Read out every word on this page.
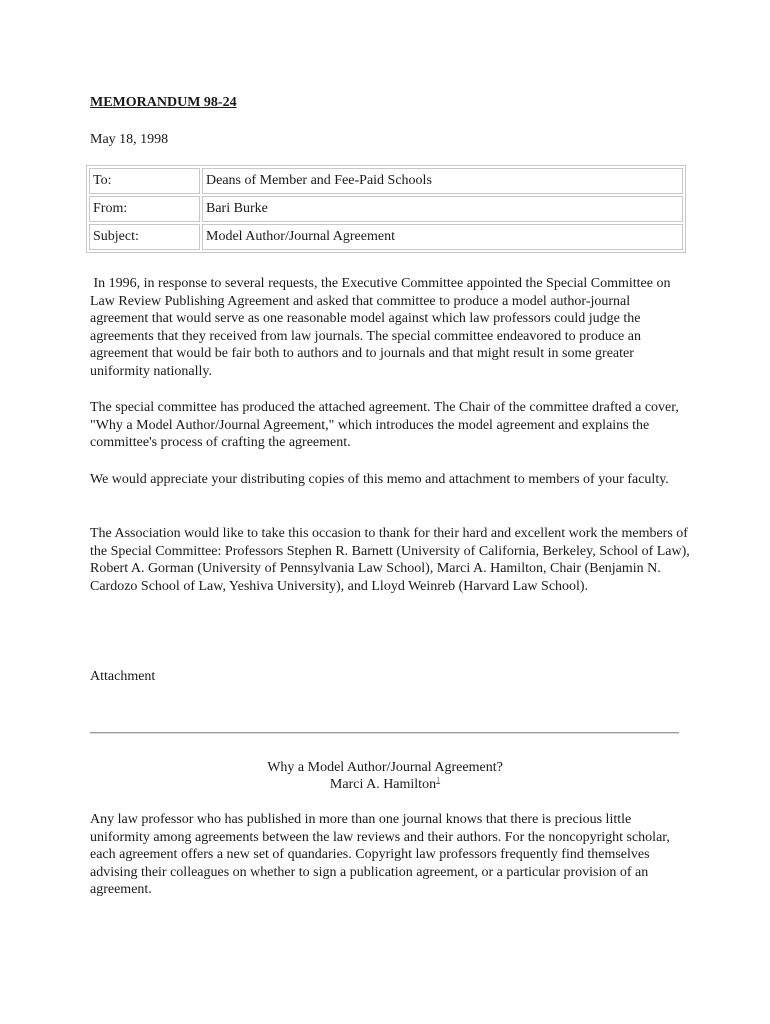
MEMORANDUM 98-24
May 18, 1998
To:	Deans of Member and Fee-Paid Schools
From:	Bari Burke
Subject:	Model Author/Journal Agreement

In 1996, in response to several requests, the Executive Committee appointed the Special Committee on Law Review Publishing Agreement and asked that committee to produce a model author-journal agreement that would serve as one reasonable model against which law professors could judge the agreements that they received from law journals. The special committee endeavored to produce an agreement that would be fair both to authors and to journals and that might result in some greater uniformity nationally.

The special committee has produced the attached agreement. The Chair of the committee drafted a cover, "Why a Model Author/Journal Agreement," which introduces the model agreement and explains the committee's process of crafting the agreement.

We would appreciate your distributing copies of this memo and attachment to members of your faculty.

The Association would like to take this occasion to thank for their hard and excellent work the members of the Special Committee: Professors Stephen R. Barnett (University of California, Berkeley, School of Law), Robert A. Gorman (University of Pennsylvania Law School), Marci A. Hamilton, Chair (Benjamin N. Cardozo School of Law, Yeshiva University), and Lloyd Weinreb (Harvard Law School).

Attachment
Why a Model Author/Journal Agreement?
Marci A. Hamilton$^1$

Any law professor who has published in more than one journal knows that there is precious little uniformity among agreements between the law reviews and their authors. For the noncopyright scholar, each agreement offers a new set of quandaries. Copyright law professors frequently find themselves advising their colleagues on whether to sign a publication agreement, or a particular provision of an agreement.
